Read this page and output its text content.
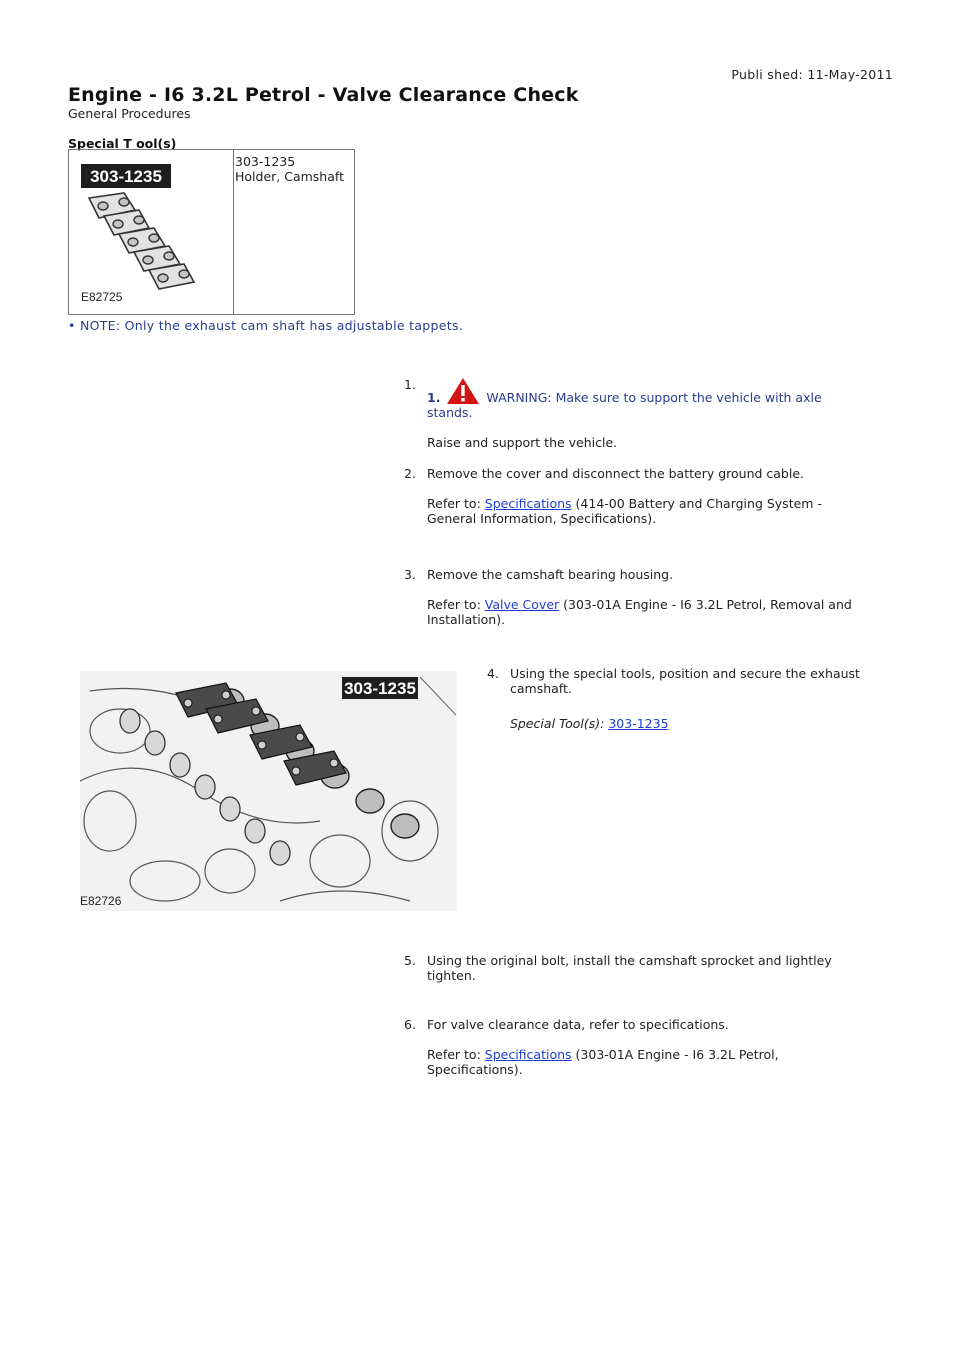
Publi shed: 11-May-2011
Engine - I6 3.2L Petrol - Valve Clearance Check
General Procedures
Special T ool(s)
303-1235
E82725
303-1235
Holder, Camshaft
• NOTE: Only the exhaust cam shaft has adjustable tappets.
1.

1.	WARNING: Make sure to support the vehicle with axle stands.

Raise and support the vehicle.

2. Remove the cover and disconnect the battery ground cable.

Refer to: Specifications (414-00 Battery and Charging System - General Information, Specifications).

3. Remove the camshaft bearing housing.

Refer to: Valve Cover (303-01A Engine - I6 3.2L Petrol, Removal and Installation).

303-1235
E82726
4. Using the special tools, position and secure the exhaust camshaft.

Special Tool(s): 303-1235

5. Using the original bolt, install the camshaft sprocket and lightley tighten.

6. For valve clearance data, refer to specifications.

Refer to: Specifications (303-01A Engine - I6 3.2L Petrol, Specifications).
